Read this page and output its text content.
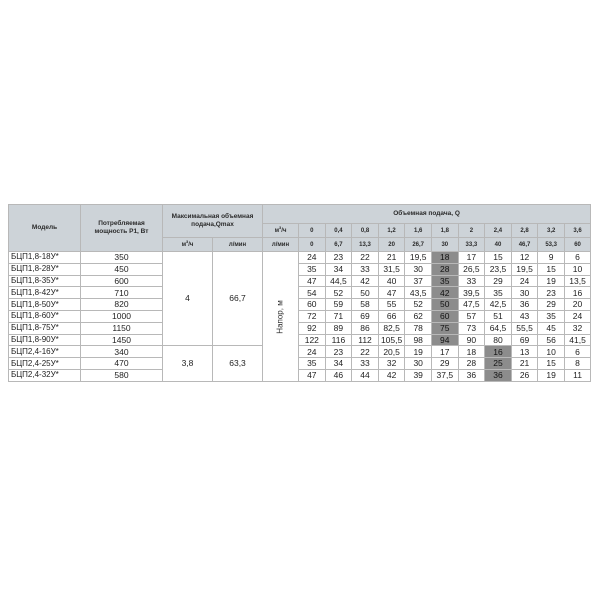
Модель	Потребляемая мощность P1, Вт	Максимальная объемная подача,Qmax		Объемная подача, Q											
				$м^3/ч$	0	0,4	0,8	1,2	1,6	1,8	2	2,4	2,8	3,2	3,6
		$м^3/ч$	л/мин	л/мин	0	6,7	13,3	20	26,7	30	33,3	40	46,7	53,3	60
БЦП1,8-18У*	350	4	66,7	Напор, м	24	23	22	21	19,5	18	17	15	12	9	6
БЦП1,8-28У*	450				35	34	33	31,5	30	28	26,5	23,5	19,5	15	10
БЦП1,8-35У*	600				47	44,5	42	40	37	35	33	29	24	19	13,5
БЦП1,8-42У*	710				54	52	50	47	43,5	42	39,5	35	30	23	16
БЦП1,8-50У*	820				60	59	58	55	52	50	47,5	42,5	36	29	20
БЦП1,8-60У*	1000				72	71	69	66	62	60	57	51	43	35	24
БЦП1,8-75У*	1150				92	89	86	82,5	78	75	73	64,5	55,5	45	32
БЦП1,8-90У*	1450				122	116	112	105,5	98	94	90	80	69	56	41,5
БЦП2,4-16У*	340	3,8	63,3		24	23	22	20,5	19	17	18	16	13	10	6
БЦП2,4-25У*	470				35	34	33	32	30	29	28	25	21	15	8
БЦП2,4-32У*	580				47	46	44	42	39	37,5	36	36	26	19	11
